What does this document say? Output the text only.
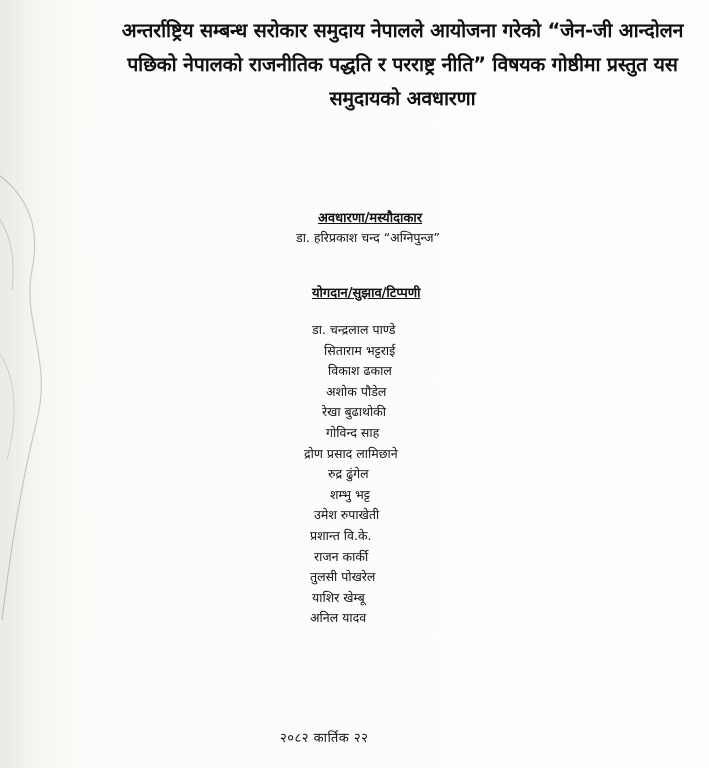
अन्तर्राष्ट्रिय सम्बन्ध सरोकार समुदाय नेपालले आयोजना गरेको “जेन-जी आन्दोलन
पछिको नेपालको राजनीतिक पद्धति र परराष्ट्र नीति” विषयक गोष्ठीमा प्रस्तुत यस
समुदायको अवधारणा
अवधारणा/मस्यौदाकार
डा. हरिप्रकाश चन्द “अग्निपुन्ज”
योगदान/सुझाव/टिप्पणी
डा. चन्द्रलाल पाण्डे
सिताराम भट्टराई
विकाश ढकाल
अशोक पौडेल
रेखा बुढाथोकी
गोविन्द साह
द्रोण प्रसाद लामिछाने
रुद्र ढुंगेल
शम्भु भट्ट
उमेश रुपाखेती
प्रशान्त वि.के.
राजन कार्की
तुलसी पोखरेल
याशिर खेम्बू
अनिल यादव
२०८२ कार्तिक २२
